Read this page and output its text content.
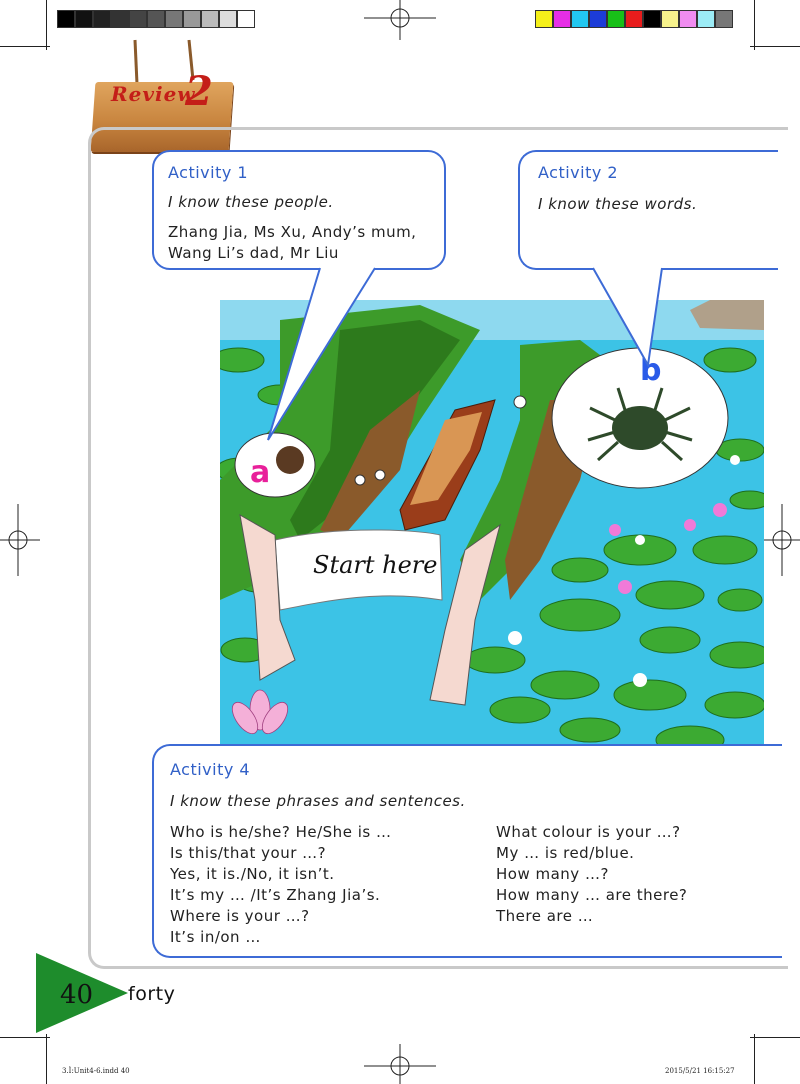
Review
2
Activity 1
I know these people.
Zhang Jia, Ms Xu, Andy’s mum,
Wang Li’s dad, Mr Liu
Activity 2
I know these words.
Start here
a
b
Activity 4
I know these phrases and sentences.
Who is he/she? He/She is …
Is this/that your …?
Yes, it is./No, it isn’t.
It’s my … /It’s Zhang Jia’s.
Where is your …?
It’s in/on …
What colour is your …?
My … is red/blue.
How many …?
How many … are there?
There are …
40 forty
3.Ì:Unit4-6.indd 40	2015/5/21 16:15:27
